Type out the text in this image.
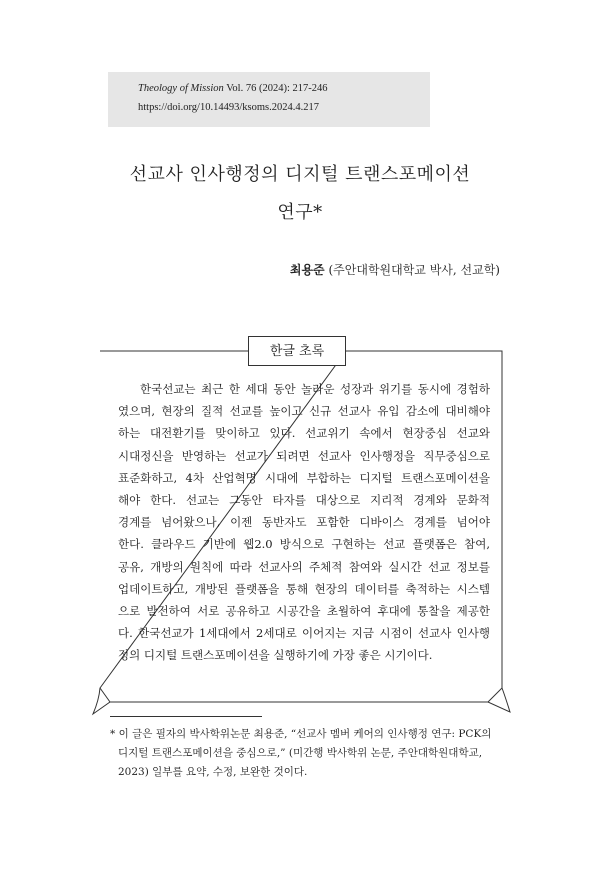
Theology of Mission Vol. 76 (2024): 217-246
https://doi.org/10.14493/ksoms.2024.4.217
선교사 인사행정의 디지털 트랜스포메이션
연구*
최용준 (주안대학원대학교 박사, 선교학)
한글 초록
한국선교는 최근 한 세대 동안 놀라운 성장과 위기를 동시에 경험하
였으며, 현장의 질적 선교를 높이고 신규 선교사 유입 감소에 대비해야
하는 대전환기를 맞이하고 있다. 선교위기 속에서 현장중심 선교와
시대정신을 반영하는 선교가 되려면 선교사 인사행정을 직무중심으로
표준화하고, 4차 산업혁명 시대에 부합하는 디지털 트랜스포메이션을
해야 한다. 선교는 그동안 타자를 대상으로 지리적 경계와 문화적
경계를 넘어왔으나, 이젠 동반자도 포함한 디바이스 경계를 넘어야
한다. 클라우드 기반에 웹2.0 방식으로 구현하는 선교 플랫폼은 참여,
공유, 개방의 원칙에 따라 선교사의 주체적 참여와 실시간 선교 정보를
업데이트하고, 개방된 플랫폼을 통해 현장의 데이터를 축적하는 시스템
으로 발전하여 서로 공유하고 시공간을 초월하여 후대에 통찰을 제공한
다. 한국선교가 1세대에서 2세대로 이어지는 지금 시점이 선교사 인사행
정의 디지털 트랜스포메이션을 실행하기에 가장 좋은 시기이다.
* 이 글은 필자의 박사학위논문 최용준, “선교사 멤버 케어의 인사행정 연구: PCK의
디지털 트랜스포메이션을 중심으로,” (미간행 박사학위 논문, 주안대학원대학교,
2023) 일부를 요약, 수정, 보완한 것이다.
